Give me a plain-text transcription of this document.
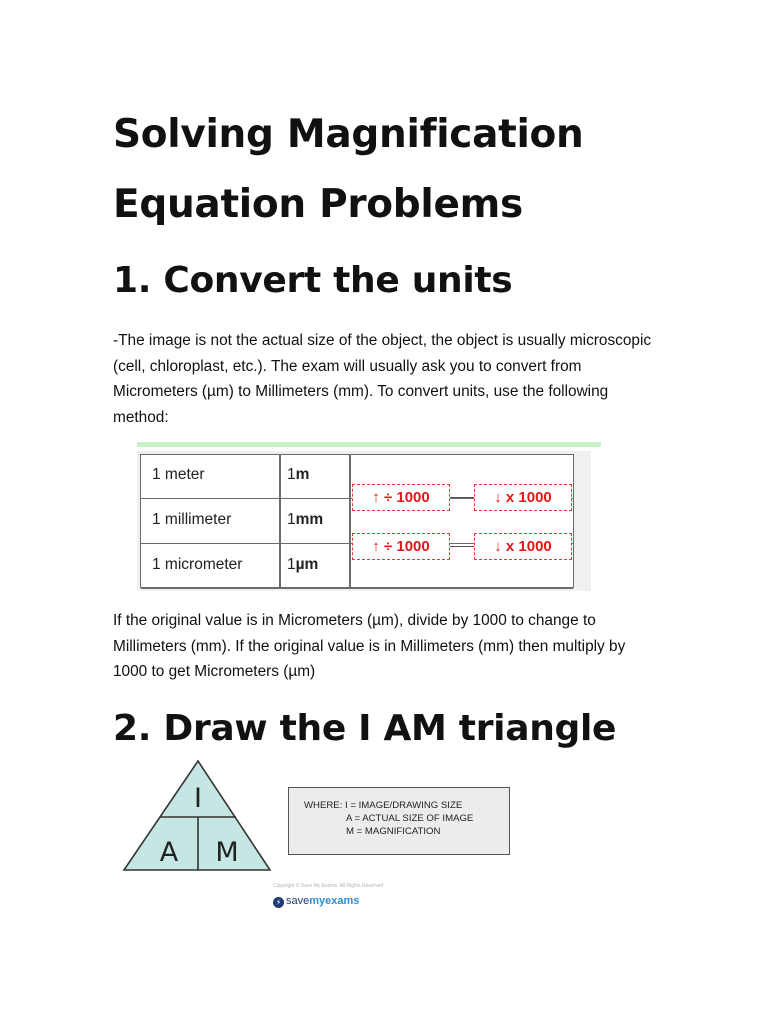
Solving Magnification Equation Problems
1. Convert the units

-The image is not the actual size of the object, the object is usually microscopic (cell, chloroplast, etc.). The exam will usually ask you to convert from Micrometers (µm) to Millimeters (mm). To convert units, use the following method:

1 meter	1m
1 millimeter	1mm
1 micrometer	1µm
↑ ÷ 1000	↓ x 1000
↑ ÷ 1000	↓ x 1000

If the original value is in Micrometers (µm), divide by 1000 to change to Millimeters (mm). If the original value is in Millimeters (mm) then multiply by 1000 to get Micrometers (µm)

2. Draw the I AM triangle
I
A M
WHERE: I = IMAGE/DRAWING SIZE
A = ACTUAL SIZE OF IMAGE
M = MAGNIFICATION
Copyright © Save My Exams. All Rights Reserved
⚡ savemyexams
